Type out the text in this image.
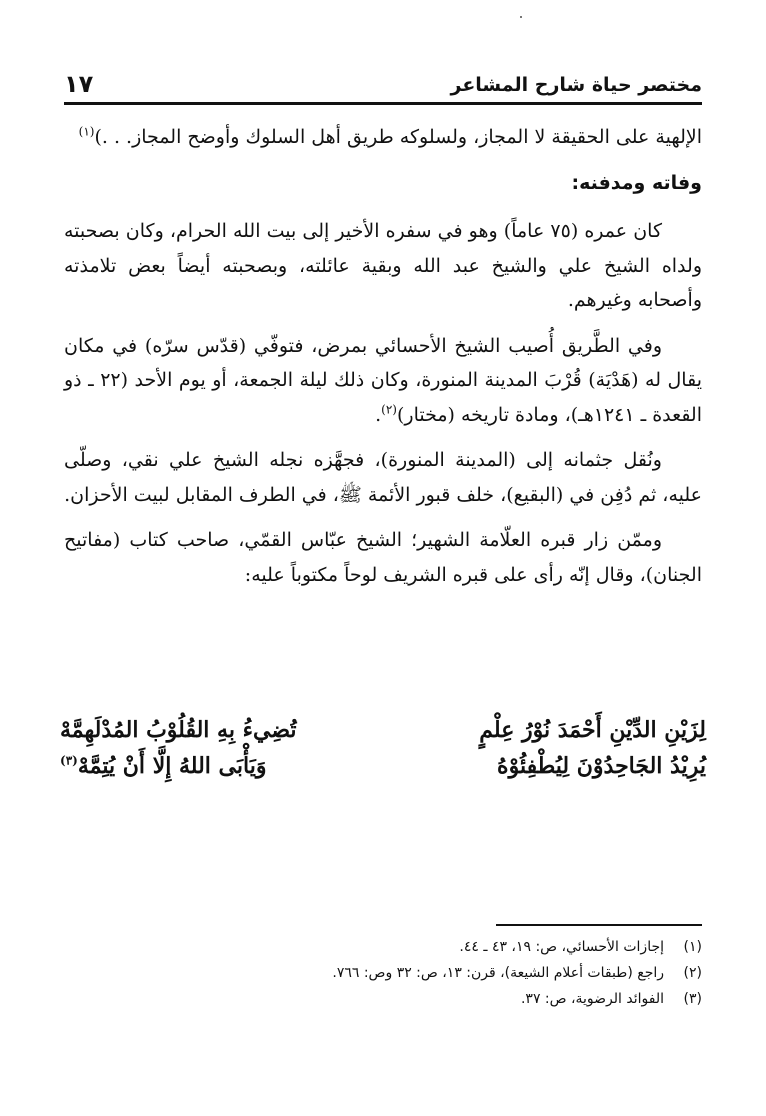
مختصر حياة شارح المشاعر
١٧

الإلهية على الحقيقة لا المجاز، ولسلوكه طريق أهل السلوك وأوضح المجاز. . .)$^{(١)}$

وفاته ومدفنه:

كان عمره (٧٥ عاماً) وهو في سفره الأخير إلى بيت الله الحرام، وكان بصحبته ولداه الشيخ علي والشيخ عبد الله وبقية عائلته، وبصحبته أيضاً بعض تلامذته وأصحابه وغيرهم.

وفي الطَّريق أُصيب الشيخ الأحسائي بمرض، فتوفّي (قدّس سرّه) في مكان يقال له (هَدْيَة) قُرْبَ المدينة المنورة، وكان ذلك ليلة الجمعة، أو يوم الأحد (٢٢ ـ ذو القعدة ـ ١٢٤١هـ)، ومادة تاريخه (مختار)$^{(٢)}$.

ونُقل جثمانه إلى (المدينة المنورة)، فجهَّزه نجله الشيخ علي نقي، وصلّى عليه، ثم دُفِن في (البقيع)، خلف قبور الأئمة ﷺ، في الطرف المقابل لبيت الأحزان.

وممّن زار قبره العلّامة الشهير؛ الشيخ عبّاس القمّي، صاحب كتاب (مفاتيح الجنان)، وقال إنّه رأى على قبره الشريف لوحاً مكتوباً عليه:

لِزَيْنِ الدِّيْنِ أَحْمَدَ نُوْرُ عِلْمٍ
تُضِيءُ بِهِ القُلُوْبُ المُدْلَهِمَّهْ
يُرِيْدُ الجَاحِدُوْنَ لِيُطْفِئُوْهُ
وَيَأْبَى اللهُ إِلَّا أَنْ يُتِمَّهْ$^{(٣)}$
(١)
إجازات الأحسائي، ص: ١٩، ٤٣ ـ ٤٤.
(٢)
راجع (طبقات أعلام الشيعة)، قرن: ١٣، ص: ٣٢ وص: ٧٦٦.
(٣)
الفوائد الرضوية، ص: ٣٧.
